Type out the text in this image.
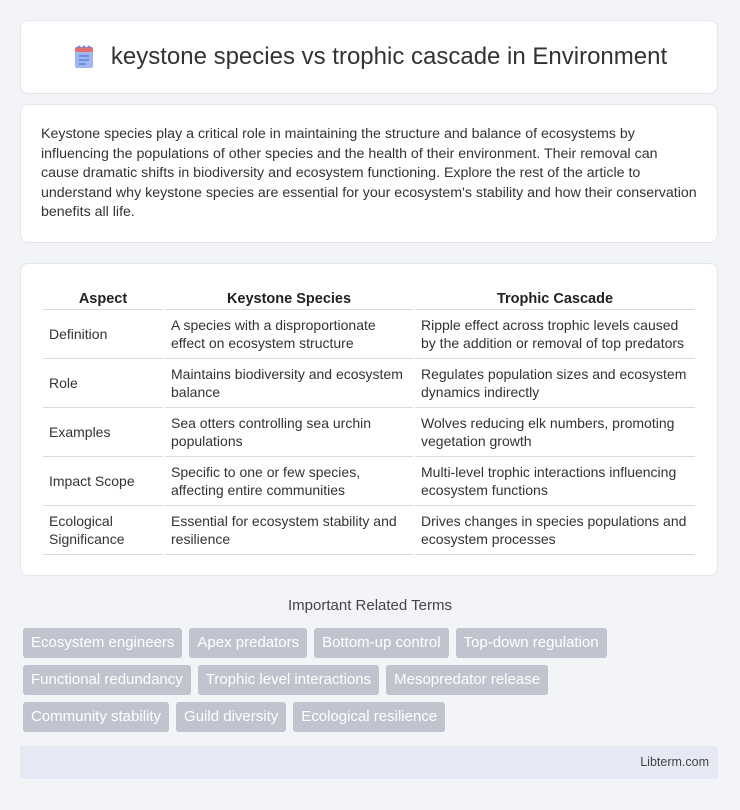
keystone species vs trophic cascade in Environment

Keystone species play a critical role in maintaining the structure and balance of ecosystems by influencing the populations of other species and the health of their environment. Their removal can cause dramatic shifts in biodiversity and ecosystem functioning. Explore the rest of the article to understand why keystone species are essential for your ecosystem's stability and how their conservation benefits all life.

Aspect	Keystone Species	Trophic Cascade
Definition	A species with a disproportionate effect on ecosystem structure	Ripple effect across trophic levels caused by the addition or removal of top predators
Role	Maintains biodiversity and ecosystem balance	Regulates population sizes and ecosystem dynamics indirectly
Examples	Sea otters controlling sea urchin populations	Wolves reducing elk numbers, promoting vegetation growth
Impact Scope	Specific to one or few species, affecting entire communities	Multi-level trophic interactions influencing ecosystem functions
Ecological Significance	Essential for ecosystem stability and resilience	Drives changes in species populations and ecosystem processes
Important Related Terms
Ecosystem engineers	Apex predators	Bottom-up control	Top-down regulation
Functional redundancy	Trophic level interactions	Mesopredator release
Community stability	Guild diversity	Ecological resilience
Libterm.com
